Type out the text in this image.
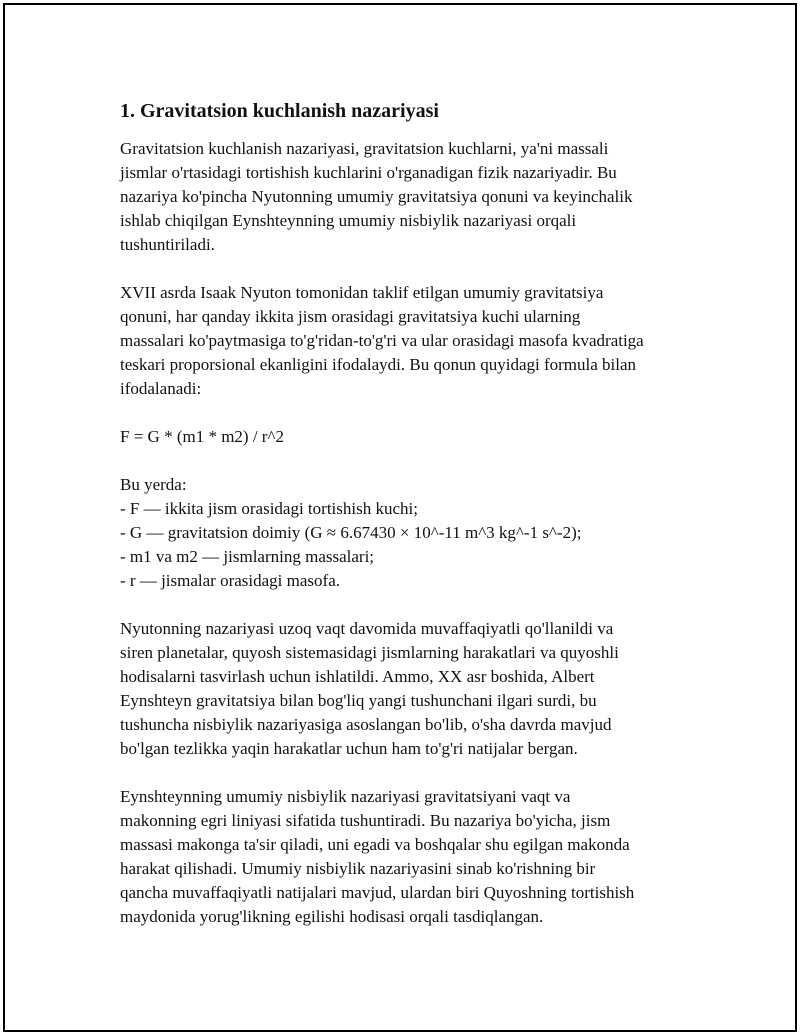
1. Gravitatsion kuchlanish nazariyasi

Gravitatsion kuchlanish nazariyasi, gravitatsion kuchlarni, ya'ni massali
jismlar o'rtasidagi tortishish kuchlarini o'rganadigan fizik nazariyadir. Bu
nazariya ko'pincha Nyutonning umumiy gravitatsiya qonuni va keyinchalik
ishlab chiqilgan Eynshteynning umumiy nisbiylik nazariyasi orqali
tushuntiriladi.

XVII asrda Isaak Nyuton tomonidan taklif etilgan umumiy gravitatsiya
qonuni, har qanday ikkita jism orasidagi gravitatsiya kuchi ularning
massalari ko'paytmasiga to'g'ridan-to'g'ri va ular orasidagi masofa kvadratiga
teskari proporsional ekanligini ifodalaydi. Bu qonun quyidagi formula bilan
ifodalanadi:

F = G * (m1 * m2) / r^2

Bu yerda:
- F — ikkita jism orasidagi tortishish kuchi;
- G — gravitatsion doimiy (G ≈ 6.67430 × 10^-11 m^3 kg^-1 s^-2);
- m1 va m2 — jismlarning massalari;
- r — jismalar orasidagi masofa.

Nyutonning nazariyasi uzoq vaqt davomida muvaffaqiyatli qo'llanildi va
siren planetalar, quyosh sistemasidagi jismlarning harakatlari va quyoshli
hodisalarni tasvirlash uchun ishlatildi. Ammo, XX asr boshida, Albert
Eynshteyn gravitatsiya bilan bog'liq yangi tushunchani ilgari surdi, bu
tushuncha nisbiylik nazariyasiga asoslangan bo'lib, o'sha davrda mavjud
bo'lgan tezlikka yaqin harakatlar uchun ham to'g'ri natijalar bergan.

Eynshteynning umumiy nisbiylik nazariyasi gravitatsiyani vaqt va
makonning egri liniyasi sifatida tushuntiradi. Bu nazariya bo'yicha, jism
massasi makonga ta'sir qiladi, uni egadi va boshqalar shu egilgan makonda
harakat qilishadi. Umumiy nisbiylik nazariyasini sinab ko'rishning bir
qancha muvaffaqiyatli natijalari mavjud, ulardan biri Quyoshning tortishish
maydonida yorug'likning egilishi hodisasi orqali tasdiqlangan.
